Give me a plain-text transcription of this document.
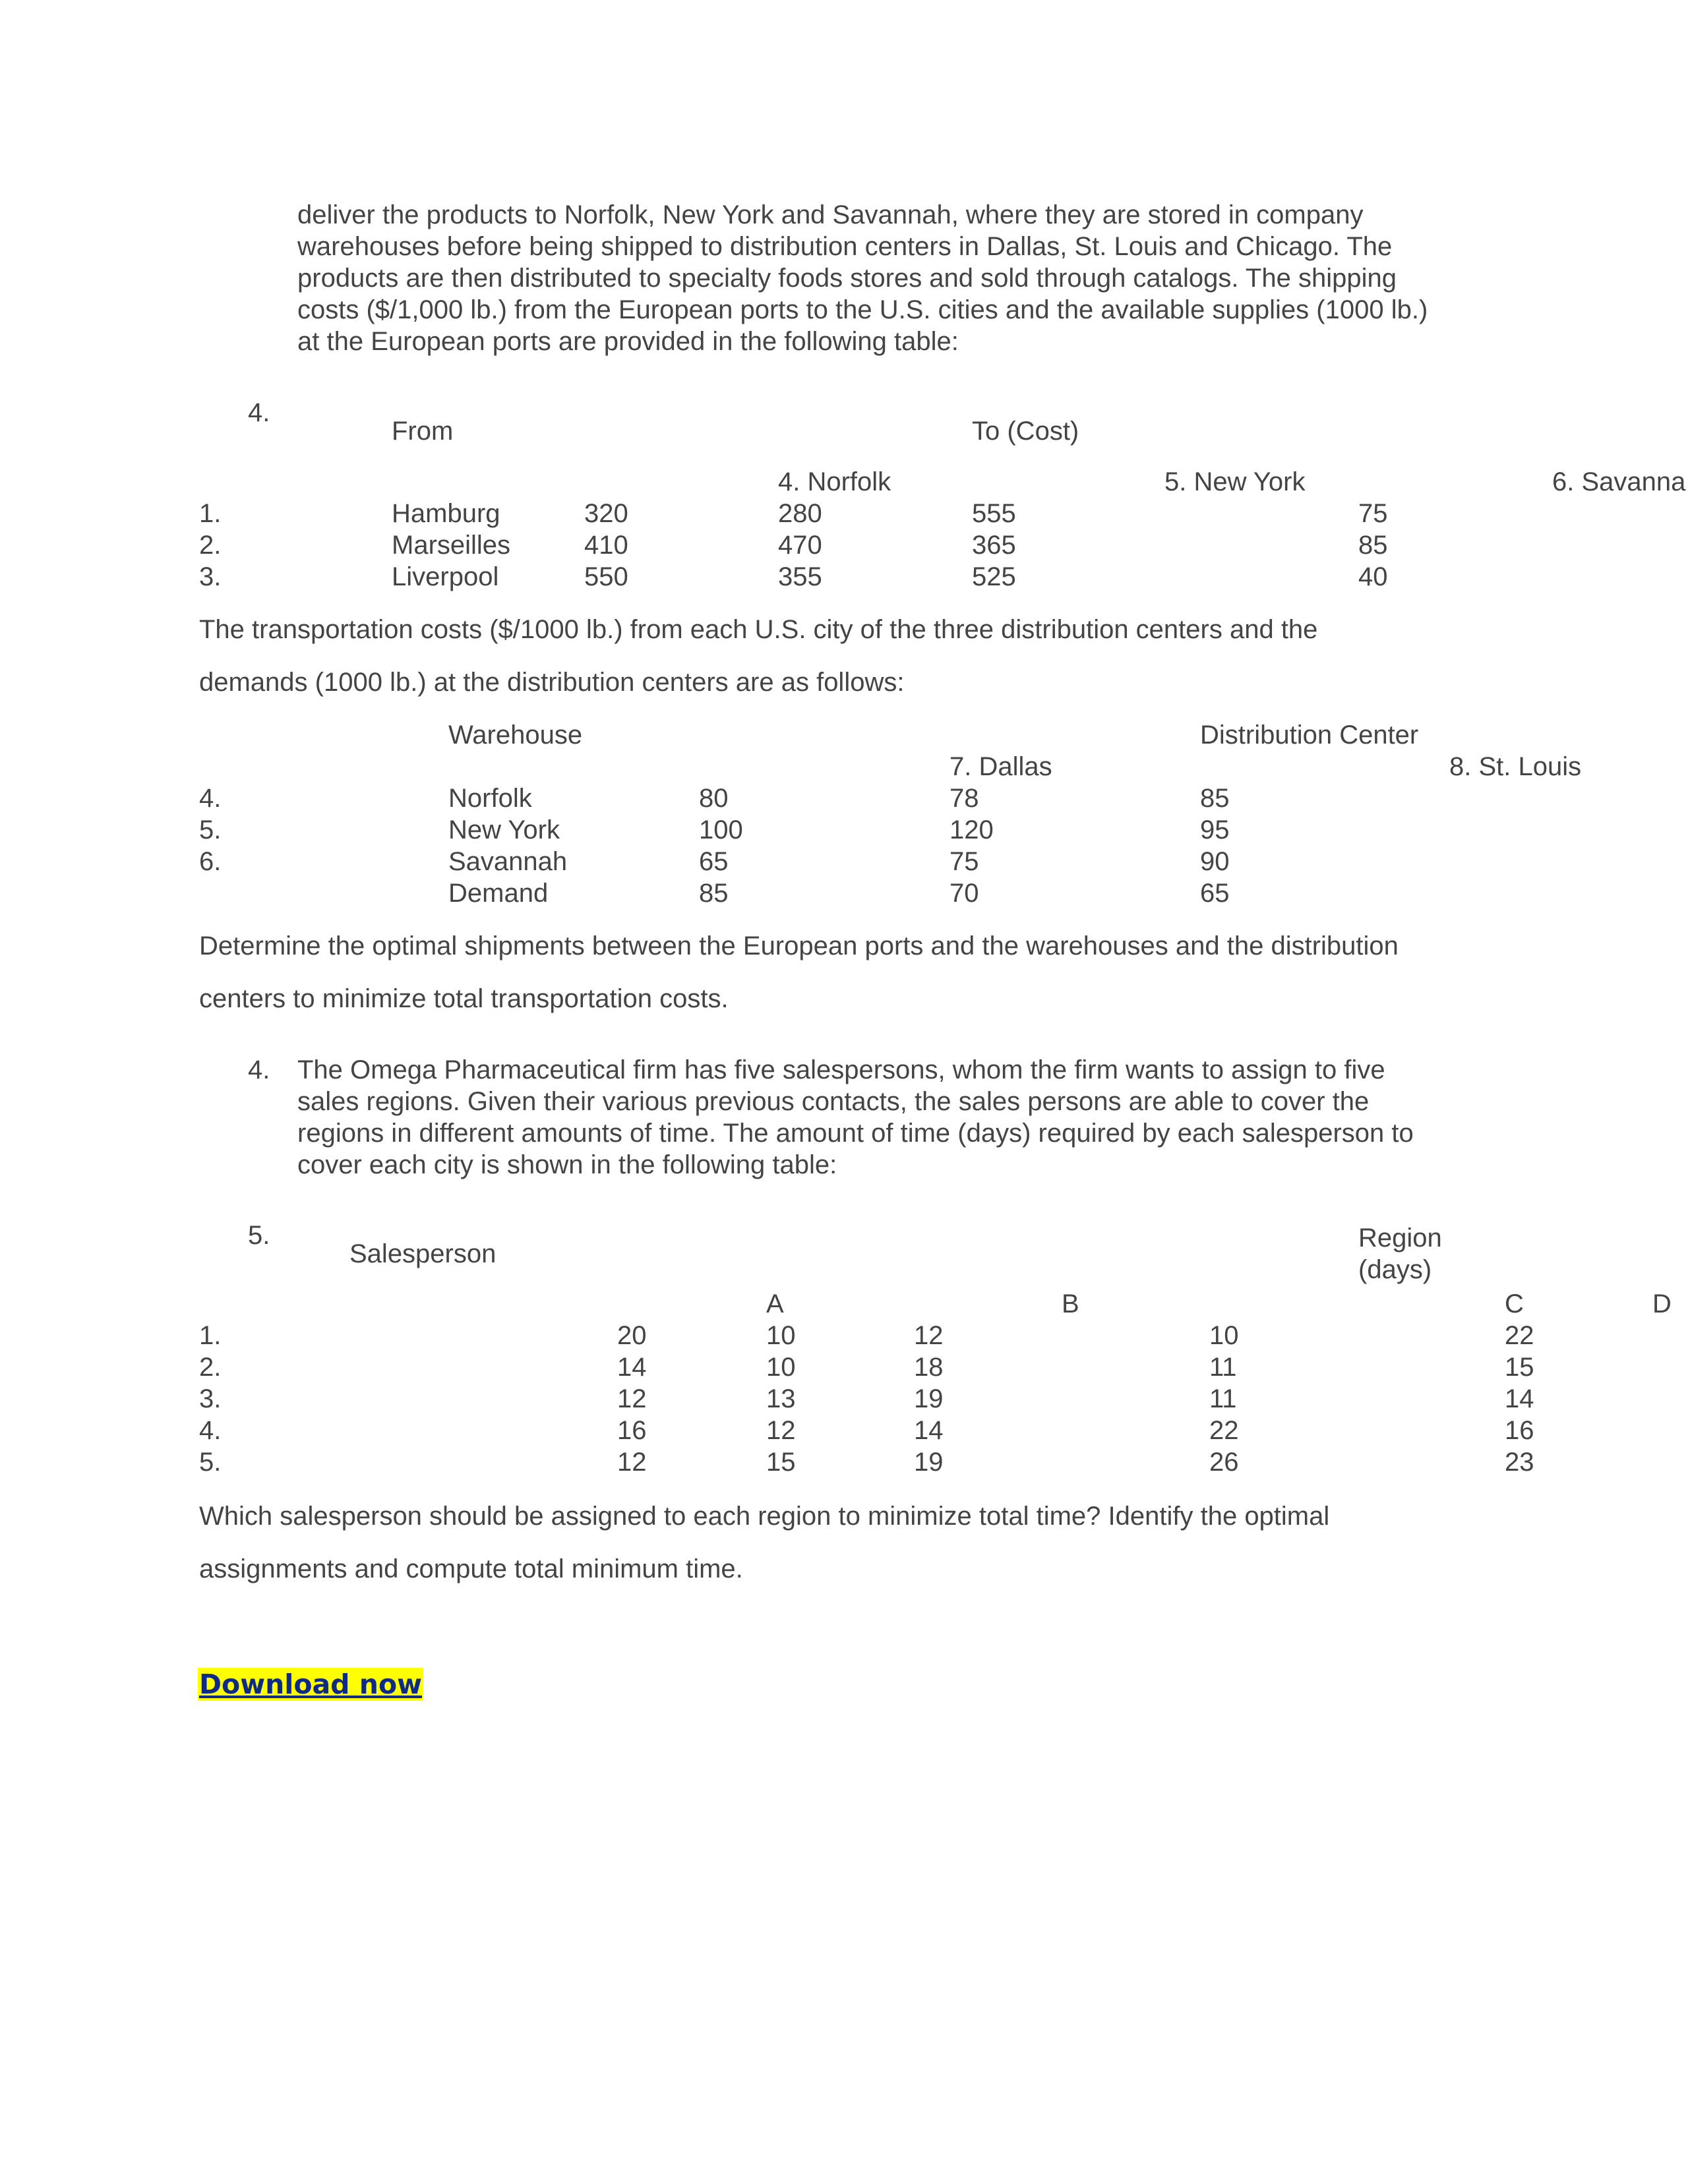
deliver the products to Norfolk, New York and Savannah, where they are stored in company
warehouses before being shipped to distribution centers in Dallas, St. Louis and Chicago. The
products are then distributed to specialty foods stores and sold through catalogs. The shipping
costs ($/1,000 lb.) from the European ports to the U.S. cities and the available supplies (1000 lb.)
at the European ports are provided in the following table:
4.
From	To (Cost)
4. Norfolk	5. New York	6. Savanna
1.	Hamburg	320	280	555	75
2.	Marseilles	410	470	365	85
3.	Liverpool	550	355	525	40
The transportation costs ($/1000 lb.) from each U.S. city of the three distribution centers and the
demands (1000 lb.) at the distribution centers are as follows:
Warehouse	Distribution Center
7. Dallas	8. St. Louis
4.	Norfolk	80	78	85
5.	New York	100	120	95
6.	Savannah	65	75	90
Demand	85	70	65
Determine the optimal shipments between the European ports and the warehouses and the distribution
centers to minimize total transportation costs.
4. The Omega Pharmaceutical firm has five salespersons, whom the firm wants to assign to five
sales regions. Given their various previous contacts, the sales persons are able to cover the
regions in different amounts of time. The amount of time (days) required by each salesperson to
cover each city is shown in the following table:
5.
Salesperson
Region
(days)
A	B	C	D
1.	20	10	12	10	22
2.	14	10	18	11	15
3.	12	13	19	11	14
4.	16	12	14	22	16
5.	12	15	19	26	23
Which salesperson should be assigned to each region to minimize total time? Identify the optimal
assignments and compute total minimum time.
Download now
